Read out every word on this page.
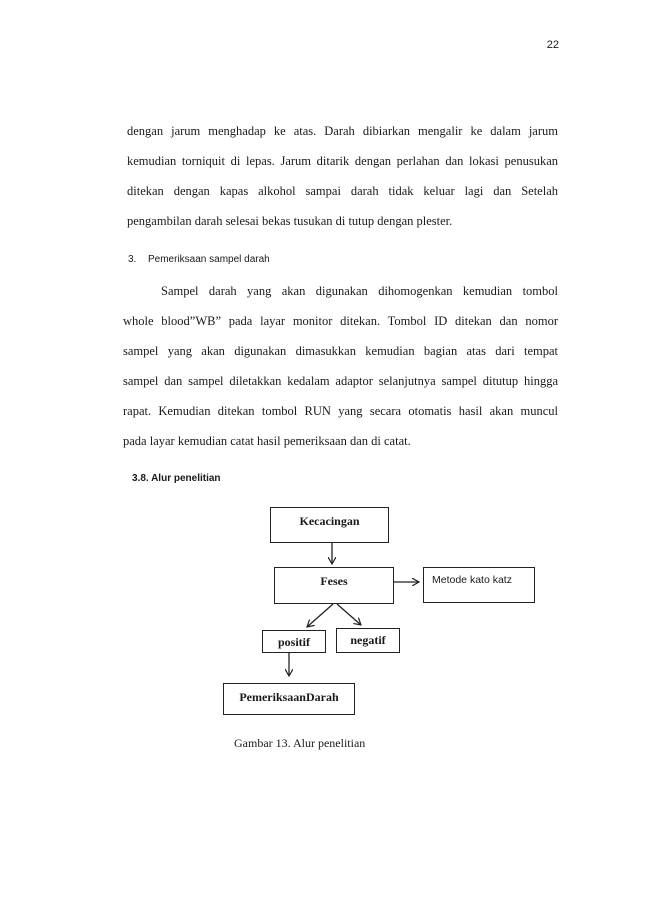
22
dengan jarum menghadap ke atas. Darah dibiarkan mengalir ke dalam jarum
kemudian torniquit di lepas. Jarum ditarik dengan perlahan dan lokasi penusukan
ditekan dengan kapas alkohol sampai darah tidak keluar lagi dan Setelah
pengambilan darah selesai bekas tusukan di tutup dengan plester.
3. Pemeriksaan sampel darah
Sampel darah yang akan digunakan dihomogenkan kemudian tombol
whole blood”WB” pada layar monitor ditekan. Tombol ID ditekan dan nomor
sampel yang akan digunakan dimasukkan kemudian bagian atas dari tempat
sampel dan sampel diletakkan kedalam adaptor selanjutnya sampel ditutup hingga
rapat. Kemudian ditekan tombol RUN yang secara otomatis hasil akan muncul
pada layar kemudian catat hasil pemeriksaan dan di catat.
3.8. Alur penelitian
Kecacingan
Feses	Metode kato katz
positif	negatif
PemeriksaanDarah
Gambar 13. Alur penelitian
